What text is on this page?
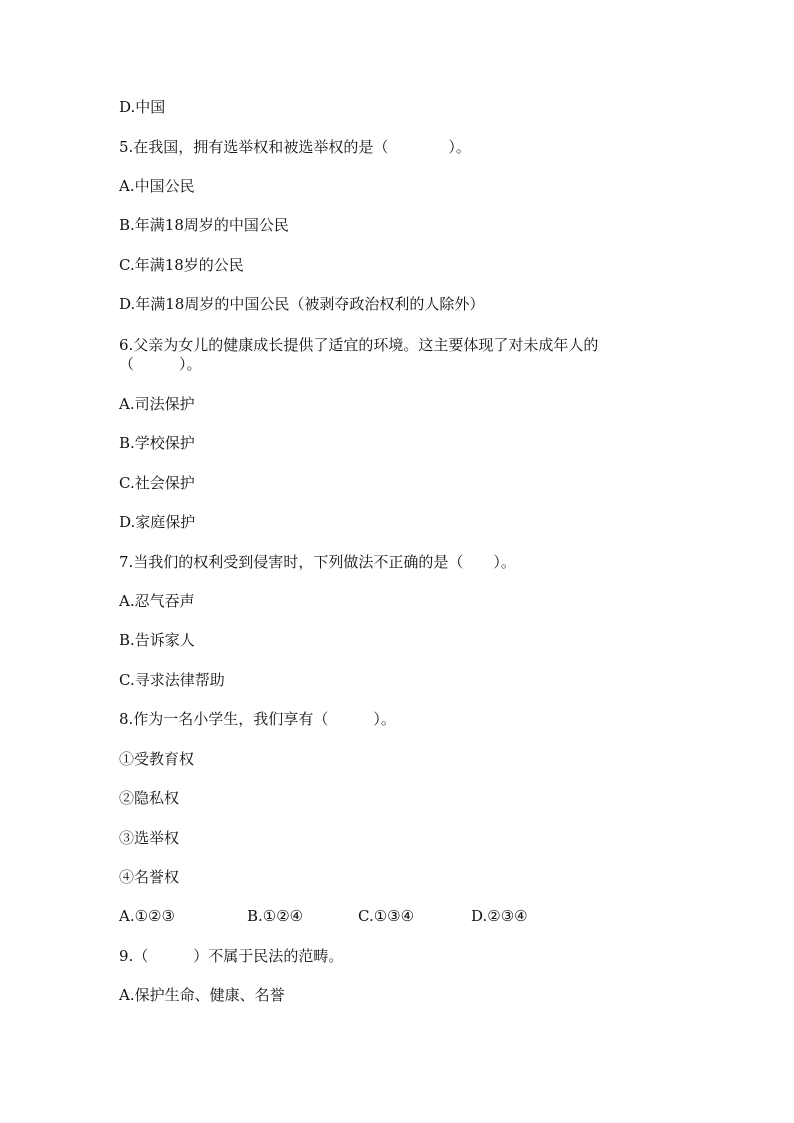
D.中国

5.在我国，拥有选举权和被选举权的是（　　　　）。

A.中国公民

B.年满18周岁的中国公民

C.年满18岁的公民

D.年满18周岁的中国公民（被剥夺政治权利的人除外）

6.父亲为女儿的健康成长提供了适宜的环境。这主要体现了对未成年人的

（　　　）。

A.司法保护

B.学校保护

C.社会保护

D.家庭保护

7.当我们的权利受到侵害时，下列做法不正确的是（　　）。

A.忍气吞声

B.告诉家人

C.寻求法律帮助

8.作为一名小学生，我们享有（　　　）。

①受教育权

②隐私权

③选举权

④名誉权

A.①②③

	B.①②④

	C.①③④

	D.②③④

9.（　　　）不属于民法的范畴。

A.保护生命、健康、名誉
